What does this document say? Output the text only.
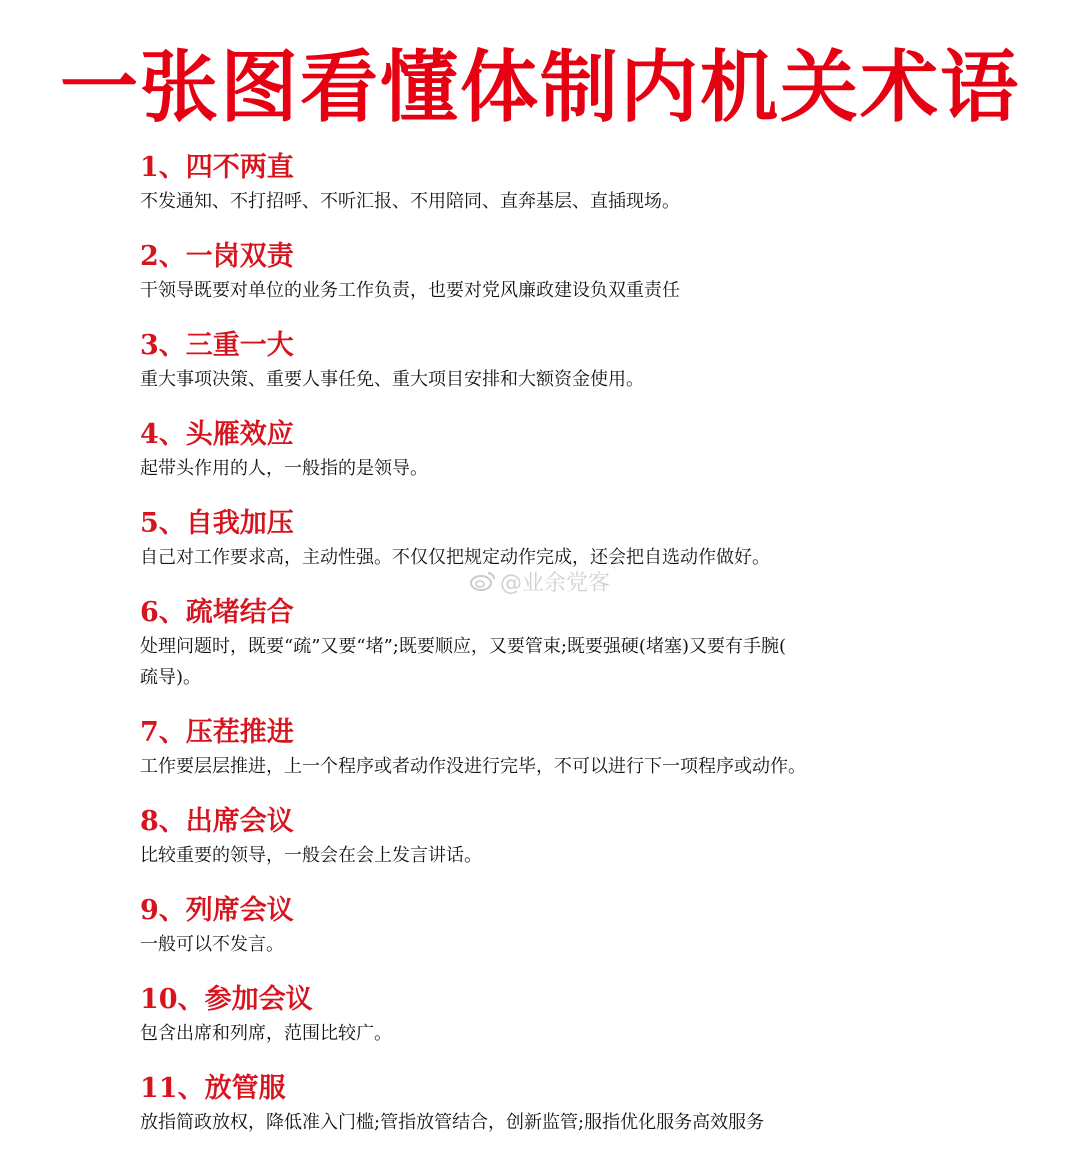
一张图看懂体制内机关术语
1、四不两直
不发通知、不打招呼、不听汇报、不用陪同、直奔基层、直插现场。
2、一岗双责
干领导既要对单位的业务工作负责，也要对党风廉政建设负双重责任
3、三重一大
重大事项决策、重要人事任免、重大项目安排和大额资金使用。
4、头雁效应
起带头作用的人，一般指的是领导。
5、自我加压
自己对工作要求高，主动性强。不仅仅把规定动作完成，还会把自选动作做好。
6、疏堵结合
处理问题时，既要“疏”又要“堵”;既要顺应，又要管束;既要强硬(堵塞)又要有手腕(
疏导)。
7、压茬推进
工作要层层推进，上一个程序或者动作没进行完毕，不可以进行下一项程序或动作。
8、出席会议
比较重要的领导，一般会在会上发言讲话。
9、列席会议
一般可以不发言。
10、参加会议
包含出席和列席，范围比较广。
11、放管服
放指简政放权，降低准入门槛;管指放管结合，创新监管;服指优化服务高效服务
@业余党客
